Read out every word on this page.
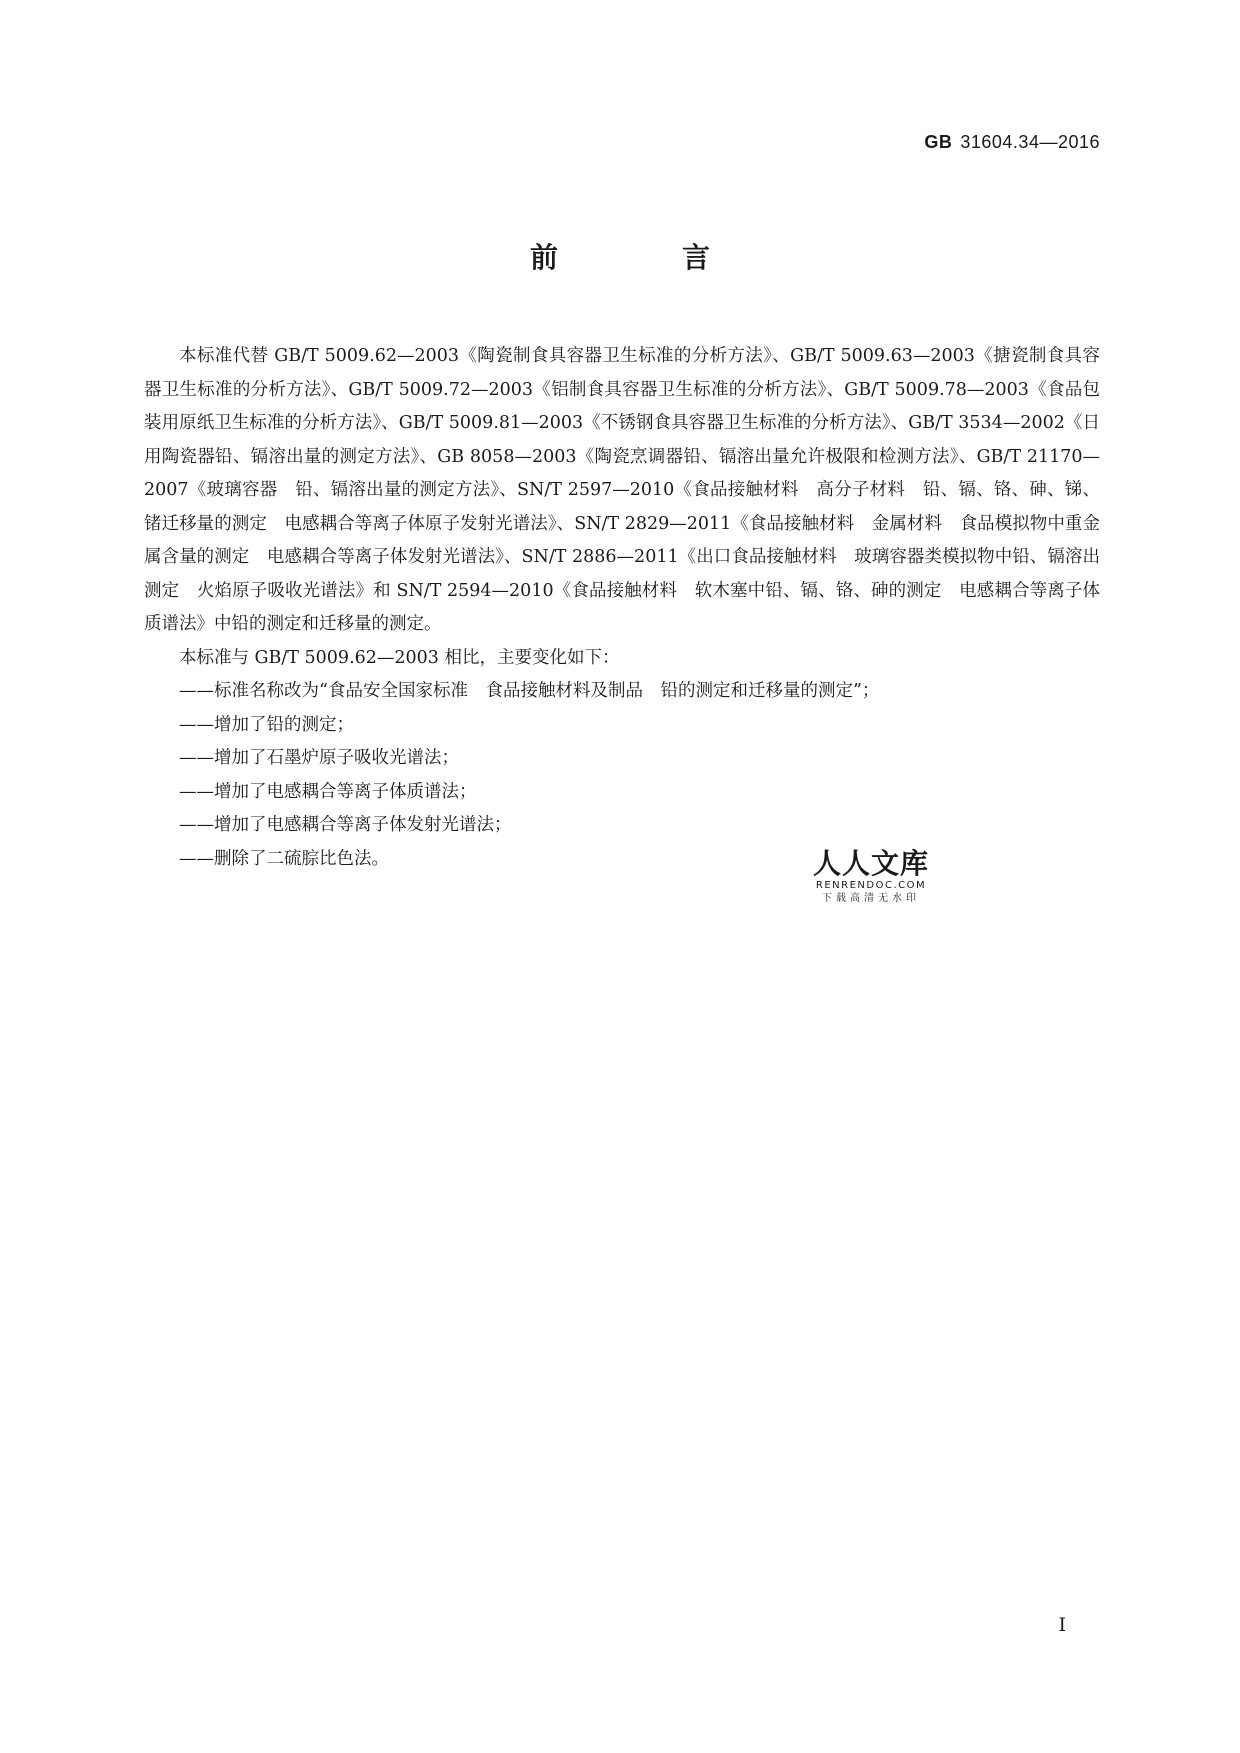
GB 31604.34—2016
前　言

本标准代替 GB/T 5009.62—2003《陶瓷制食具容器卫生标准的分析方法》、GB/T 5009.63—2003《搪瓷制食具容器卫生标准的分析方法》、GB/T 5009.72—2003《铝制食具容器卫生标准的分析方法》、GB/T 5009.78—2003《食品包装用原纸卫生标准的分析方法》、GB/T 5009.81—2003《不锈钢食具容器卫生标准的分析方法》、GB/T 3534—2002《日用陶瓷器铅、镉溶出量的测定方法》、GB 8058—2003《陶瓷烹调器铅、镉溶出量允许极限和检测方法》、GB/T 21170—2007《玻璃容器　铅、镉溶出量的测定方法》、SN/T 2597—2010《食品接触材料　高分子材料　铅、镉、铬、砷、锑、锗迁移量的测定　电感耦合等离子体原子发射光谱法》、SN/T 2829—2011《食品接触材料　金属材料　食品模拟物中重金属含量的测定　电感耦合等离子体发射光谱法》、SN/T 2886—2011《出口食品接触材料　玻璃容器类模拟物中铅、镉溶出测定　火焰原子吸收光谱法》和 SN/T 2594—2010《食品接触材料　软木塞中铅、镉、铬、砷的测定　电感耦合等离子体质谱法》中铅的测定和迁移量的测定。

本标准与 GB/T 5009.62—2003 相比，主要变化如下：

——标准名称改为“食品安全国家标准　食品接触材料及制品　铅的测定和迁移量的测定”；
——增加了铅的测定；
——增加了石墨炉原子吸收光谱法；
——增加了电感耦合等离子体质谱法；
——增加了电感耦合等离子体发射光谱法；
——删除了二硫腙比色法。	人人文库
RENRENDOC.COM
下载高清无水印
I
